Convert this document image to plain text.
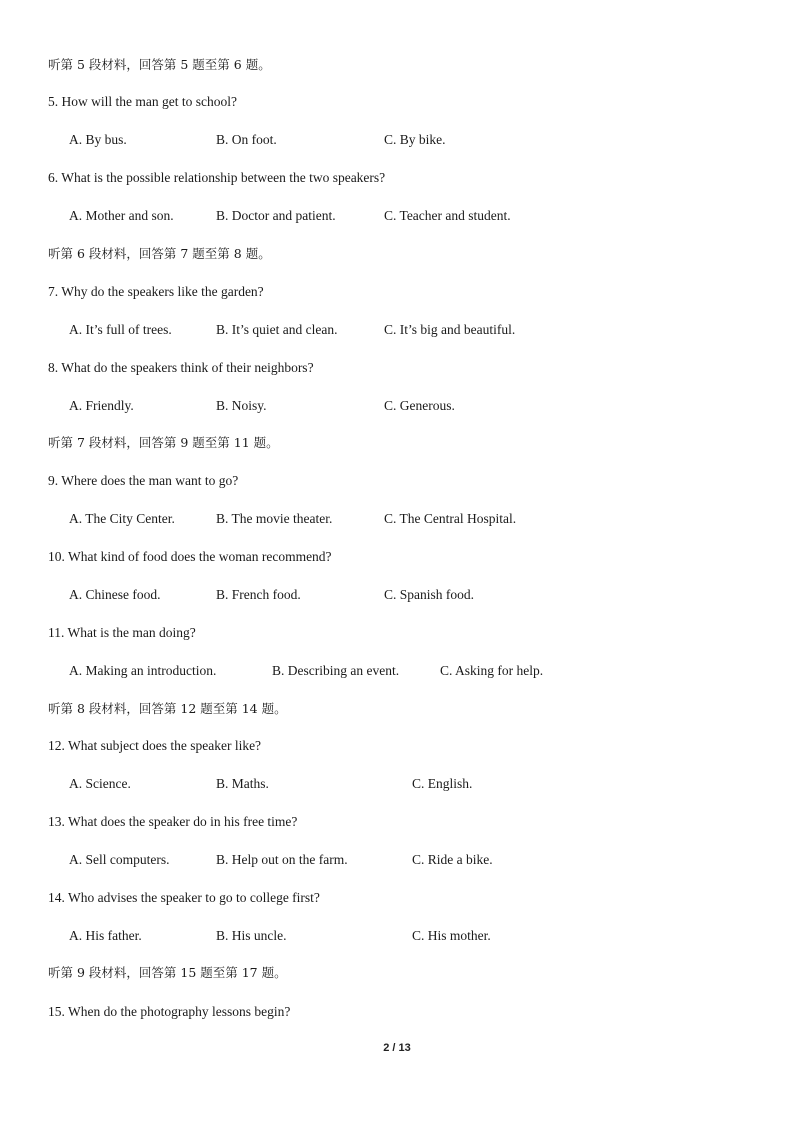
听第 5 段材料，回答第 5 题至第 6 题。
5. How will the man get to school?
A. By bus.	B. On foot.	C. By bike.
6. What is the possible relationship between the two speakers?
A. Mother and son.	B. Doctor and patient.	C. Teacher and student.
听第 6 段材料，回答第 7 题至第 8 题。
7. Why do the speakers like the garden?
A. It’s full of trees.	B. It’s quiet and clean.	C. It’s big and beautiful.
8. What do the speakers think of their neighbors?
A. Friendly.	B. Noisy.	C. Generous.
听第 7 段材料，回答第 9 题至第 11 题。
9. Where does the man want to go?
A. The City Center.	B. The movie theater.	C. The Central Hospital.
10. What kind of food does the woman recommend?
A. Chinese food.	B. French food.	C. Spanish food.
11. What is the man doing?
A. Making an introduction.	B. Describing an event.	C. Asking for help.
听第 8 段材料，回答第 12 题至第 14 题。
12. What subject does the speaker like?
A. Science.	B. Maths.	C. English.
13. What does the speaker do in his free time?
A. Sell computers.	B. Help out on the farm.	C. Ride a bike.
14. Who advises the speaker to go to college first?
A. His father.	B. His uncle.	C. His mother.
听第 9 段材料，回答第 15 题至第 17 题。
15. When do the photography lessons begin?
2 / 13
